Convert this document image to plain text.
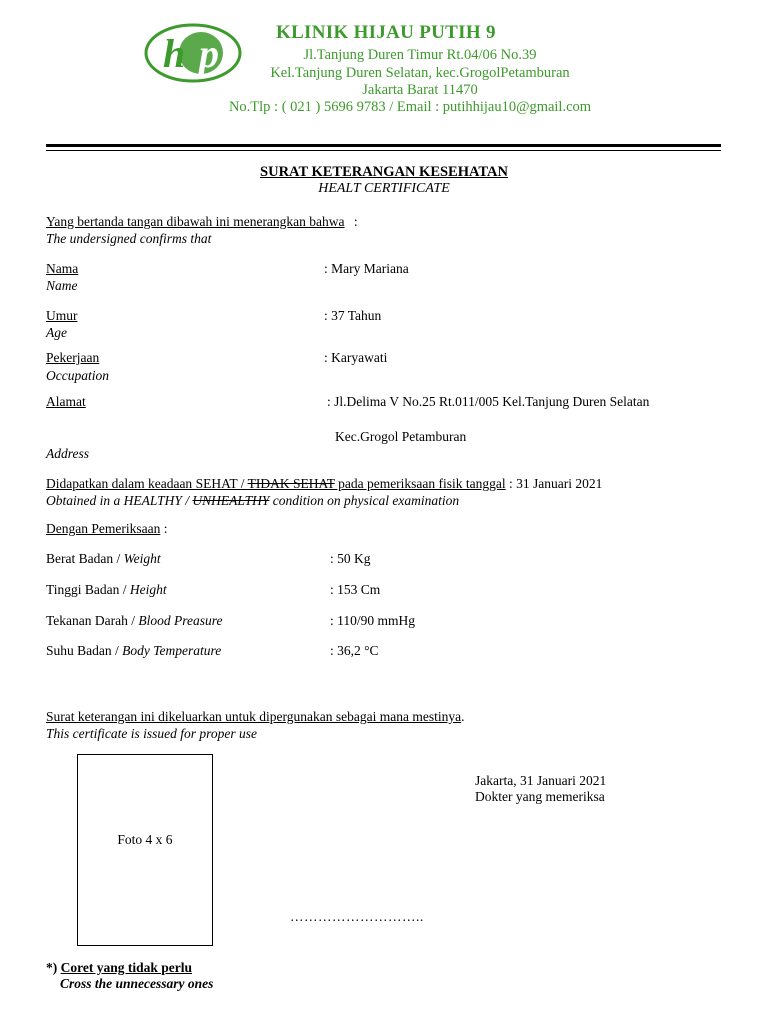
h p	KLINIK HIJAU PUTIH 9
Jl.Tanjung Duren Timur Rt.04/06 No.39
Kel.Tanjung Duren Selatan, kec.GrogolPetamburan
Jakarta Barat 11470
No.Tlp : ( 021 ) 5696 9783 / Email : putihhijau10@gmail.com
SURAT KETERANGAN KESEHATAN
HEALT CERTIFICATE
Yang bertanda tangan dibawah ini menerangkan bahwa :
The undersigned confirms that
Nama
Name
: Mary Mariana
Umur
Age
: 37 Tahun
Pekerjaan
Occupation
: Karyawati
Alamat	: Jl.Delima V No.25 Rt.011/005 Kel.Tanjung Duren Selatan
Kec.Grogol Petamburan
Address
Didapatkan dalam keadaan SEHAT / TIDAK SEHAT pada pemeriksaan fisik tanggal : 31 Januari 2021
Obtained in a HEALTHY / UNHEALTHY condition on physical examination
Dengan Pemeriksaan :
Berat Badan / Weight	: 50 Kg
Tinggi Badan / Height	: 153 Cm
Tekanan Darah / Blood Preasure	: 110/90 mmHg
Suhu Badan / Body Temperature	: 36,2 °C
Surat keterangan ini dikeluarkan untuk dipergunakan sebagai mana mestinya.
This certificate is issued for proper use
Foto 4 x 6
Jakarta, 31 Januari 2021
Dokter yang memeriksa
………………………..
*) Coret yang tidak perlu
Cross the unnecessary ones
